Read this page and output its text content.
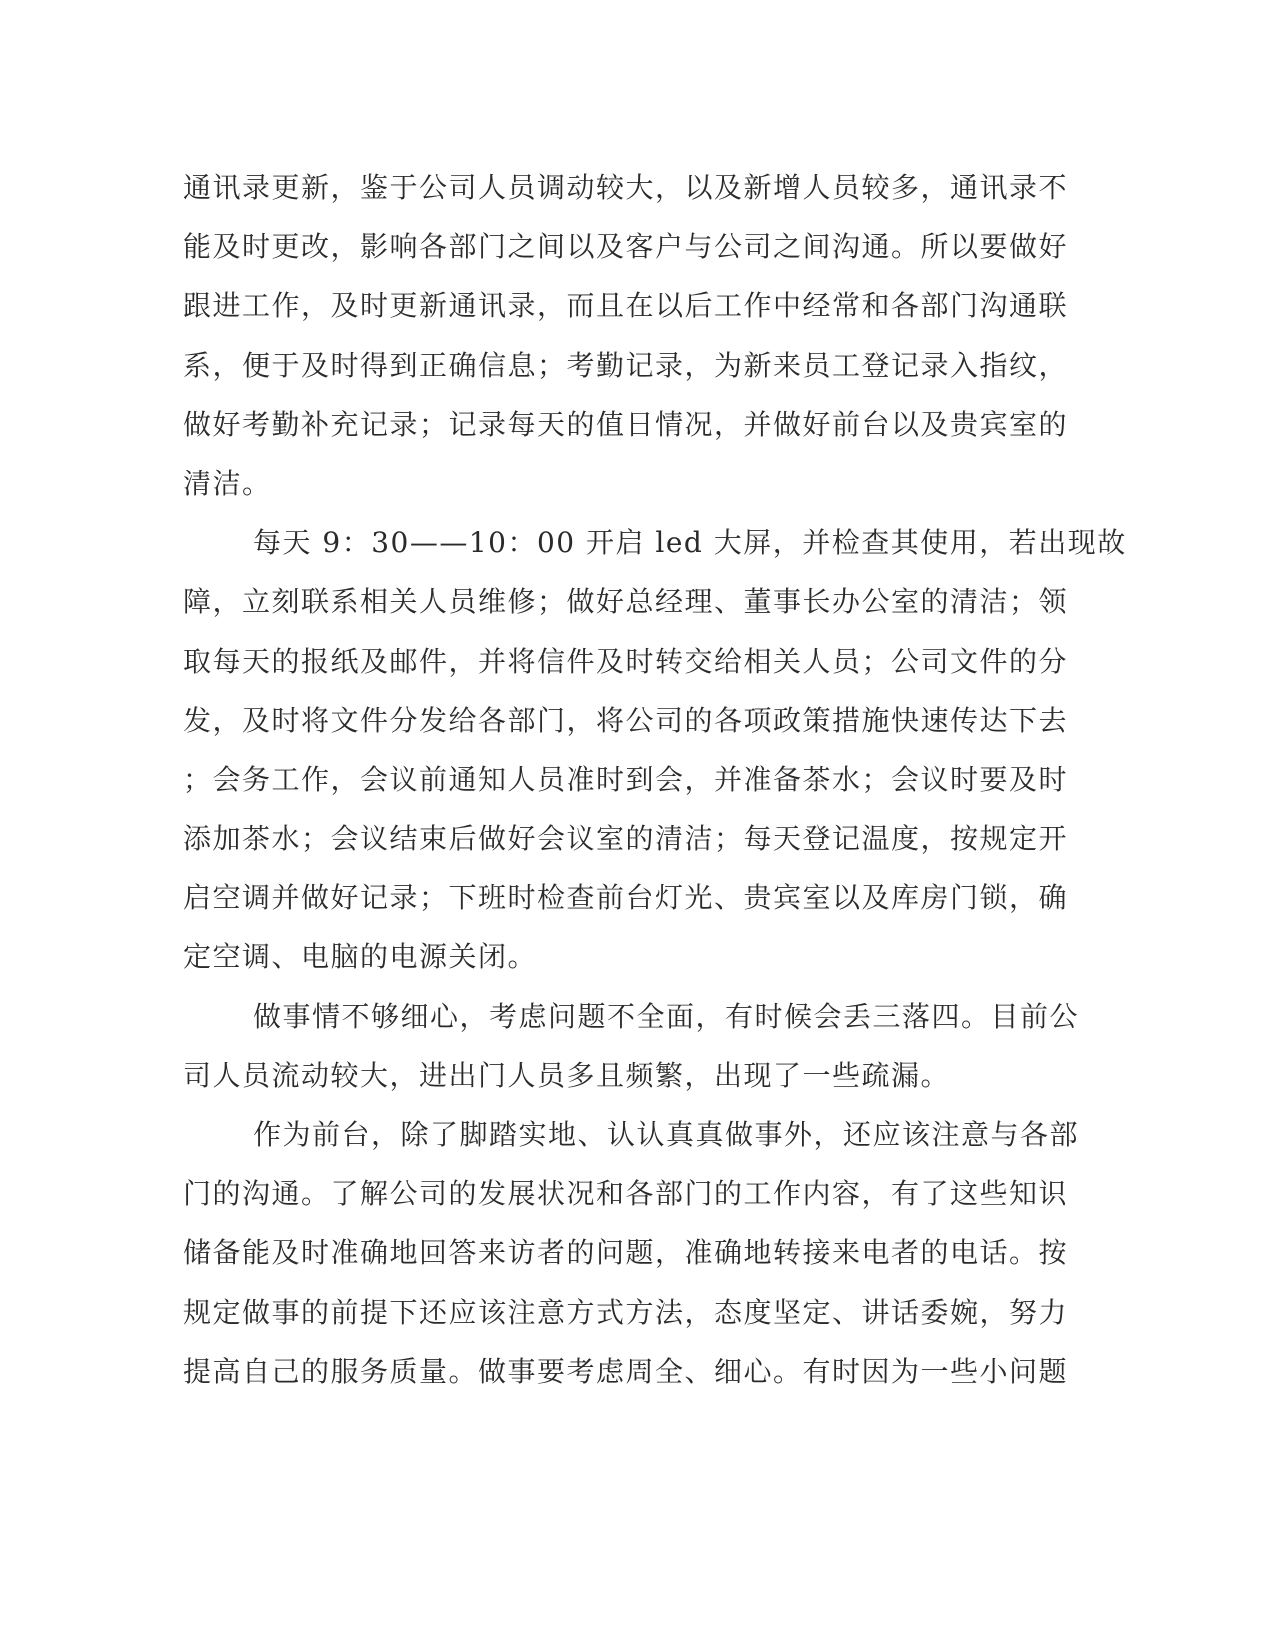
通讯录更新，鉴于公司人员调动较大，以及新增人员较多，通讯录不
能及时更改，影响各部门之间以及客户与公司之间沟通。所以要做好
跟进工作，及时更新通讯录，而且在以后工作中经常和各部门沟通联
系，便于及时得到正确信息；考勤记录，为新来员工登记录入指纹，
做好考勤补充记录；记录每天的值日情况，并做好前台以及贵宾室的
清洁。
每天 9：30——10：00 开启 led 大屏，并检查其使用，若出现故
障，立刻联系相关人员维修；做好总经理、董事长办公室的清洁；领
取每天的报纸及邮件，并将信件及时转交给相关人员；公司文件的分
发，及时将文件分发给各部门，将公司的各项政策措施快速传达下去
；会务工作，会议前通知人员准时到会，并准备茶水；会议时要及时
添加茶水；会议结束后做好会议室的清洁；每天登记温度，按规定开
启空调并做好记录；下班时检查前台灯光、贵宾室以及库房门锁，确
定空调、电脑的电源关闭。
做事情不够细心，考虑问题不全面，有时候会丢三落四。目前公
司人员流动较大，进出门人员多且频繁，出现了一些疏漏。
作为前台，除了脚踏实地、认认真真做事外，还应该注意与各部
门的沟通。了解公司的发展状况和各部门的工作内容，有了这些知识
储备能及时准确地回答来访者的问题，准确地转接来电者的电话。按
规定做事的前提下还应该注意方式方法，态度坚定、讲话委婉，努力
提高自己的服务质量。做事要考虑周全、细心。有时因为一些小问题
